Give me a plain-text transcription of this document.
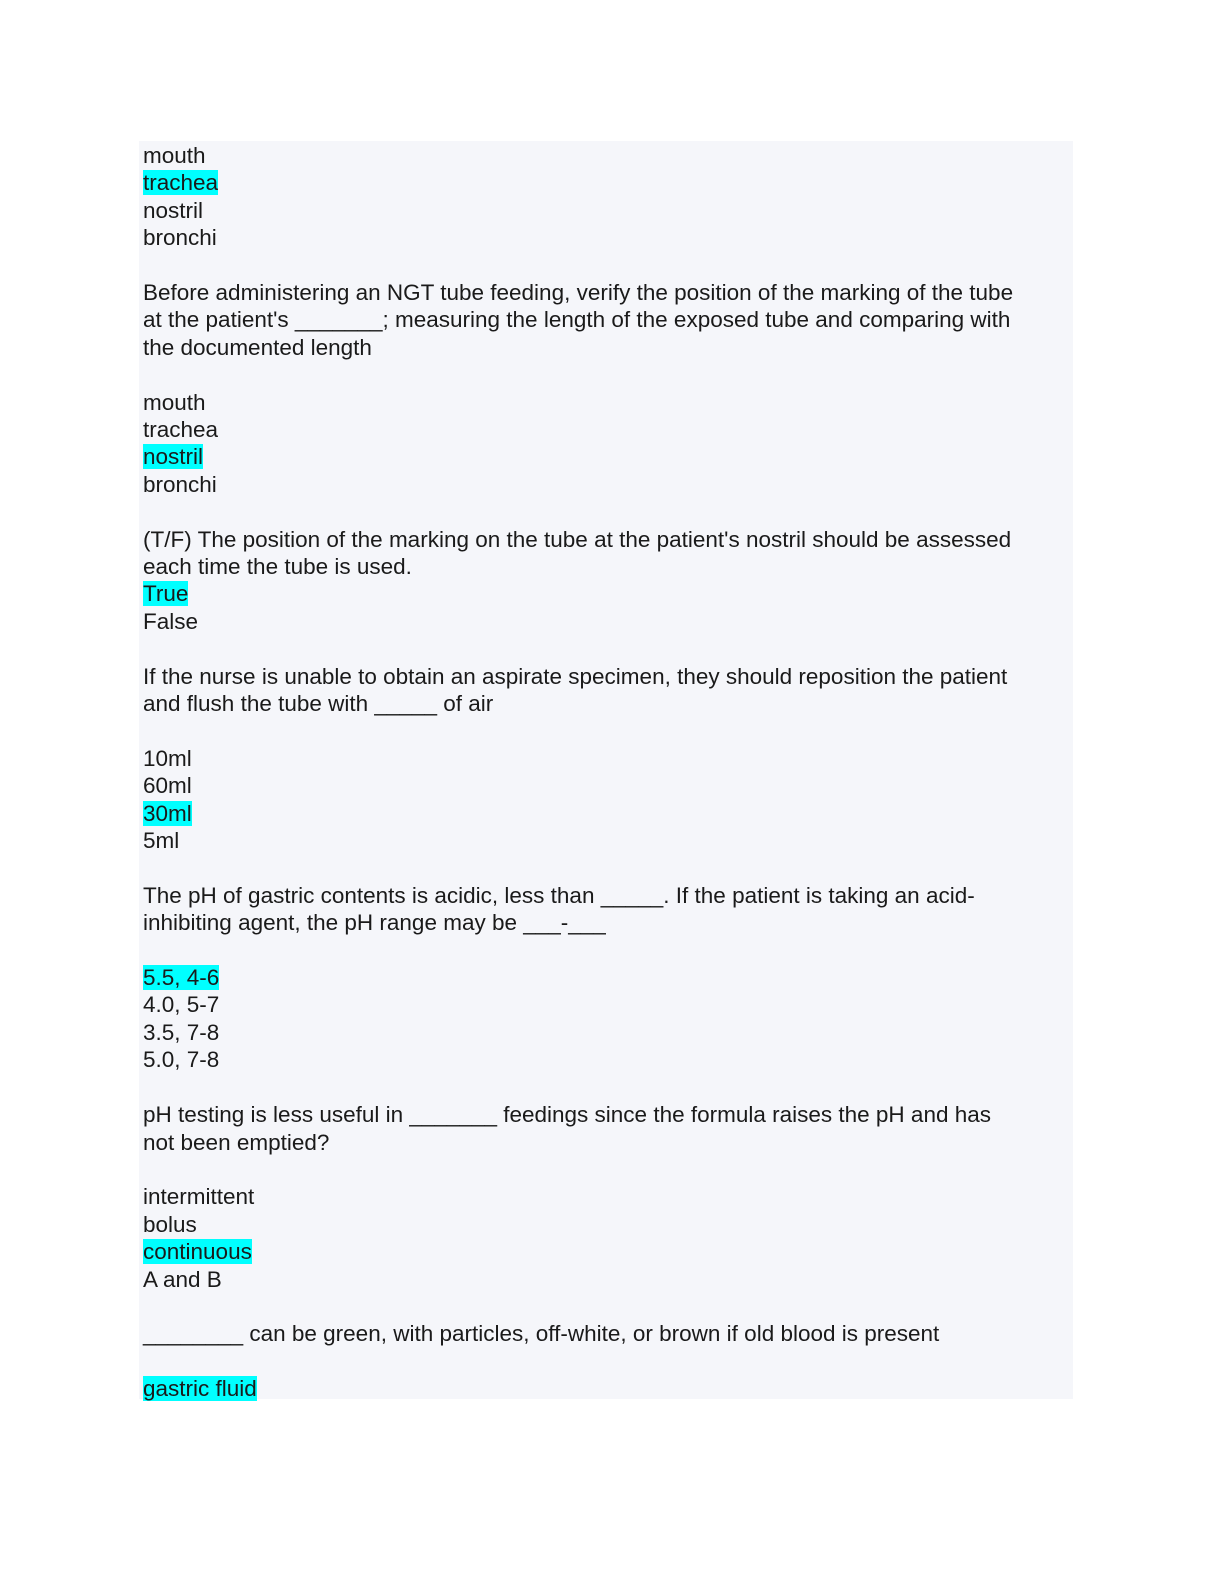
mouth
trachea
nostril
bronchi
Before administering an NGT tube feeding, verify the position of the marking of the tube
at the patient's _______; measuring the length of the exposed tube and comparing with
the documented length
mouth
trachea
nostril
bronchi
(T/F) The position of the marking on the tube at the patient's nostril should be assessed
each time the tube is used.
True
False
If the nurse is unable to obtain an aspirate specimen, they should reposition the patient
and flush the tube with _____ of air
10ml
60ml
30ml
5ml
The pH of gastric contents is acidic, less than _____. If the patient is taking an acid-
inhibiting agent, the pH range may be ___-___
5.5, 4-6
4.0, 5-7
3.5, 7-8
5.0, 7-8
pH testing is less useful in _______ feedings since the formula raises the pH and has
not been emptied?
intermittent
bolus
continuous
A and B
________ can be green, with particles, off-white, or brown if old blood is present
gastric fluid
